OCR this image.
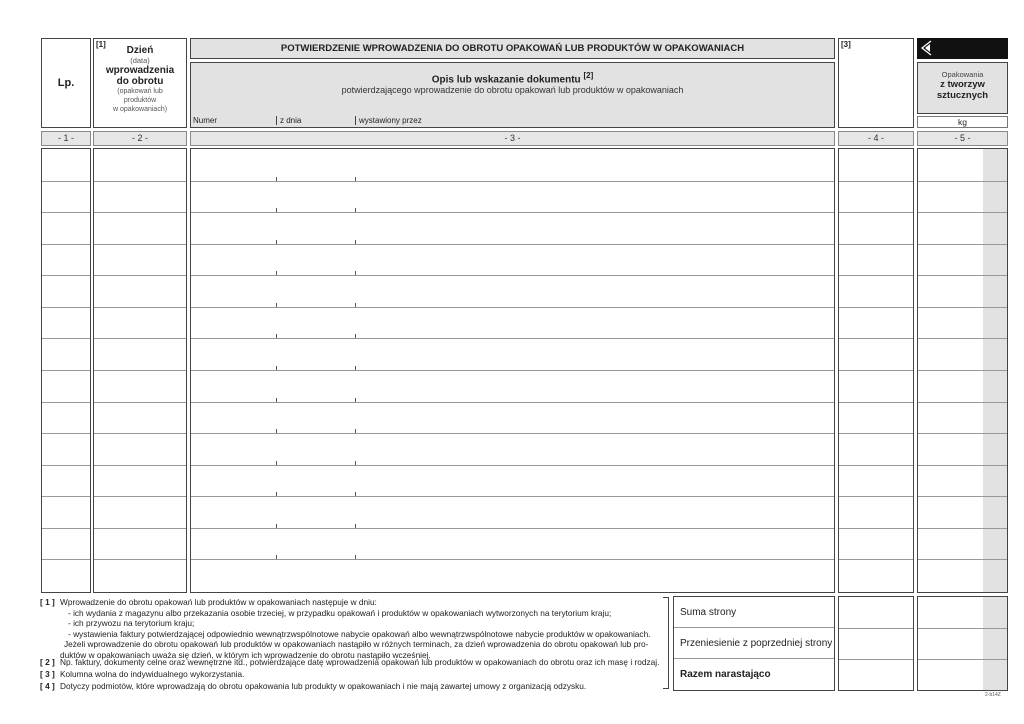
Lp.
[1]
Dzień
(data)
wprowadzenia
do obrotu
(opakowań lub
produktów
w opakowaniach)
POTWIERDZENIE WPROWADZENIA DO OBROTU OPAKOWAŃ LUB PRODUKTÓW W OPAKOWANIACH
Opis lub wskazanie dokumentu [2]
potwierdzającego wprowadzenie do obrotu opakowań lub produktów w opakowaniach
Numer	z dnia	wystawiony przez
[3]
Opakowania
z tworzyw
sztucznych
kg
- 1 -	- 2 -	- 3 -	- 4 -	- 5 -
[ 1 ] Wprowadzenie do obrotu opakowań lub produktów w opakowaniach następuje w dniu:
- ich wydania z magazynu albo przekazania osobie trzeciej, w przypadku opakowań i produktów w opakowaniach wytworzonych na terytorium kraju;
- ich przywozu na terytorium kraju;
- wystawienia faktury potwierdzającej odpowiednio wewnątrzwspólnotowe nabycie opakowań albo wewnątrzwspólnotowe nabycie produktów w opakowaniach.
Jeżeli wprowadzenie do obrotu opakowań lub produktów w opakowaniach nastąpiło w różnych terminach, za dzień wprowadzenia do obrotu opakowań lub pro-
duktów w opakowaniach uważa się dzień, w którym ich wprowadzenie do obrotu nastąpiło wcześniej.
[ 2 ] Np. faktury, dokumenty celne oraz wewnętrzne itd., potwierdzające datę wprowadzenia opakowań lub produktów w opakowaniach do obrotu oraz ich masę i rodzaj.
[ 3 ] Kolumna wolna do indywidualnego wykorzystania.
[ 4 ] Dotyczy podmiotów, które wprowadzają do obrotu opakowania lub produkty w opakowaniach i nie mają zawartej umowy z organizacją odzysku.
Suma strony
Przeniesienie z poprzedniej strony
Razem narastająco
2-b14Z
